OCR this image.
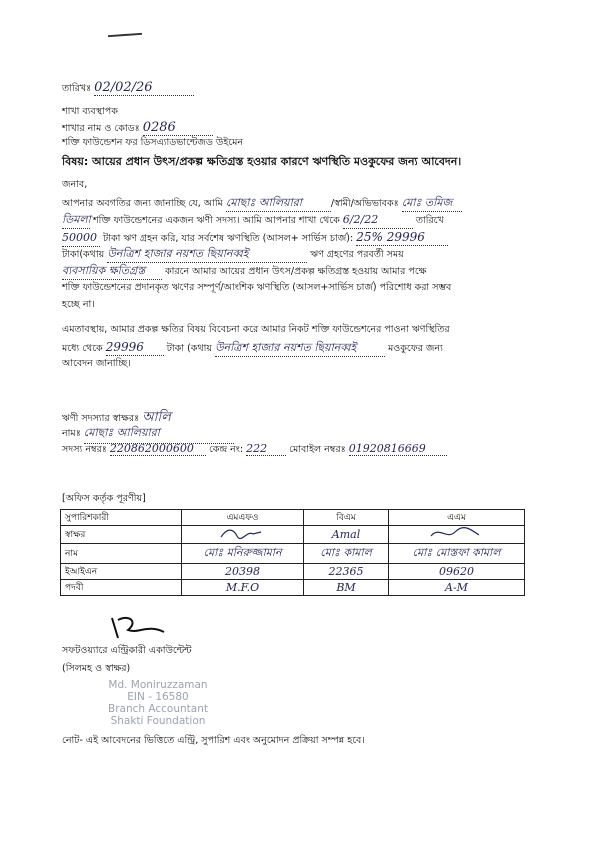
তারিখঃ 02/02/26
শাখা ব্যবস্থাপক
শাখার নাম ও কোডঃ 0286
শক্তি ফাউন্ডেশন ফর ডিসএ্যাডভান্টেজড উইমেন
বিষয়: আয়ের প্রধান উৎস/প্রকল্প ক্ষতিগ্রস্ত হওয়ার কারণে ঋণস্থিতি মওকুফের জন্য আবেদন।
জনাব,
আপনার অবগতির জন্য জানাচ্ছি যে, আমি মোছাঃ আলিয়ারা	/স্বামী/অভিভাবকঃ মোঃ তমিজ
ডিমলা শক্তি ফাউন্ডেশনের একজন ঋণী সদস্য। আমি আপনার শাখা থেকে 6/2/22	তারিখে
50000 টাকা ঋণ গ্রহন করি, যার সর্বশেষ ঋণস্থিতি (আসল+ সার্ভিস চার্জ): 25% 29996
টাকা(কথায় উনত্রিশ হাজার নয়শত ছিয়ানব্বই	ঋণ গ্রহণের পরবর্তী সময়
ব্যবসায়িক ক্ষতিগ্রস্ত কারনে আমার আয়ের প্রধান উৎস/প্রকল্প ক্ষতিগ্রস্ত হওয়ায় আমার পক্ষে
শক্তি ফাউন্ডেশনের প্রদানকৃত ঋণের সম্পূর্ণ/আংশিক ঋণস্থিতি (আসল+সার্ভিস চার্জ) পরিশোধ করা সম্ভব
হচ্ছে না।
এমতাবস্থায়, আমার প্রকল্প ক্ষতির বিষয় বিবেচনা করে আমার নিকট শক্তি ফাউন্ডেশনের পাওনা ঋণস্থিতির
মধ্যে থেকে 29996 টাকা (কথায় উনত্রিশ হাজার নয়শত ছিয়ানব্বই	মওকুফের জন্য
আবেদন জানাচ্ছি।
ঋণী সদস্যার স্বাক্ষরঃ আলি
নামঃ মোছাঃ আলিয়ারা
সদস্য নম্বরঃ 220862000600 কেন্দ্র নং: 222 মোবাইল নম্বরঃ 01920816669
[অফিস কর্তৃক পূরণীয়]
সুপারিশকারী	এমএফও	বিএম	এএম
স্বাক্ষর		Amal	
নাম	মোঃ মনিরুজ্জামান	মোঃ কামাল	মোঃ মোস্তফা কামাল
ইআইএন	20398	22365	09620
পদবী	M.F.O	BM	A-M
সফটওয়্যারে এন্ট্রিকারী একাউন্টেন্ট
(সিলমহ ও স্বাক্ষর)
Md. Moniruzzaman
EIN - 16580
Branch Accountant
Shakti Foundation
নোট- এই আবেদনের ভিত্তিতে এন্ট্রি, সুপারিশ এবং অনুমোদন প্রক্রিয়া সম্পন্ন হবে।
